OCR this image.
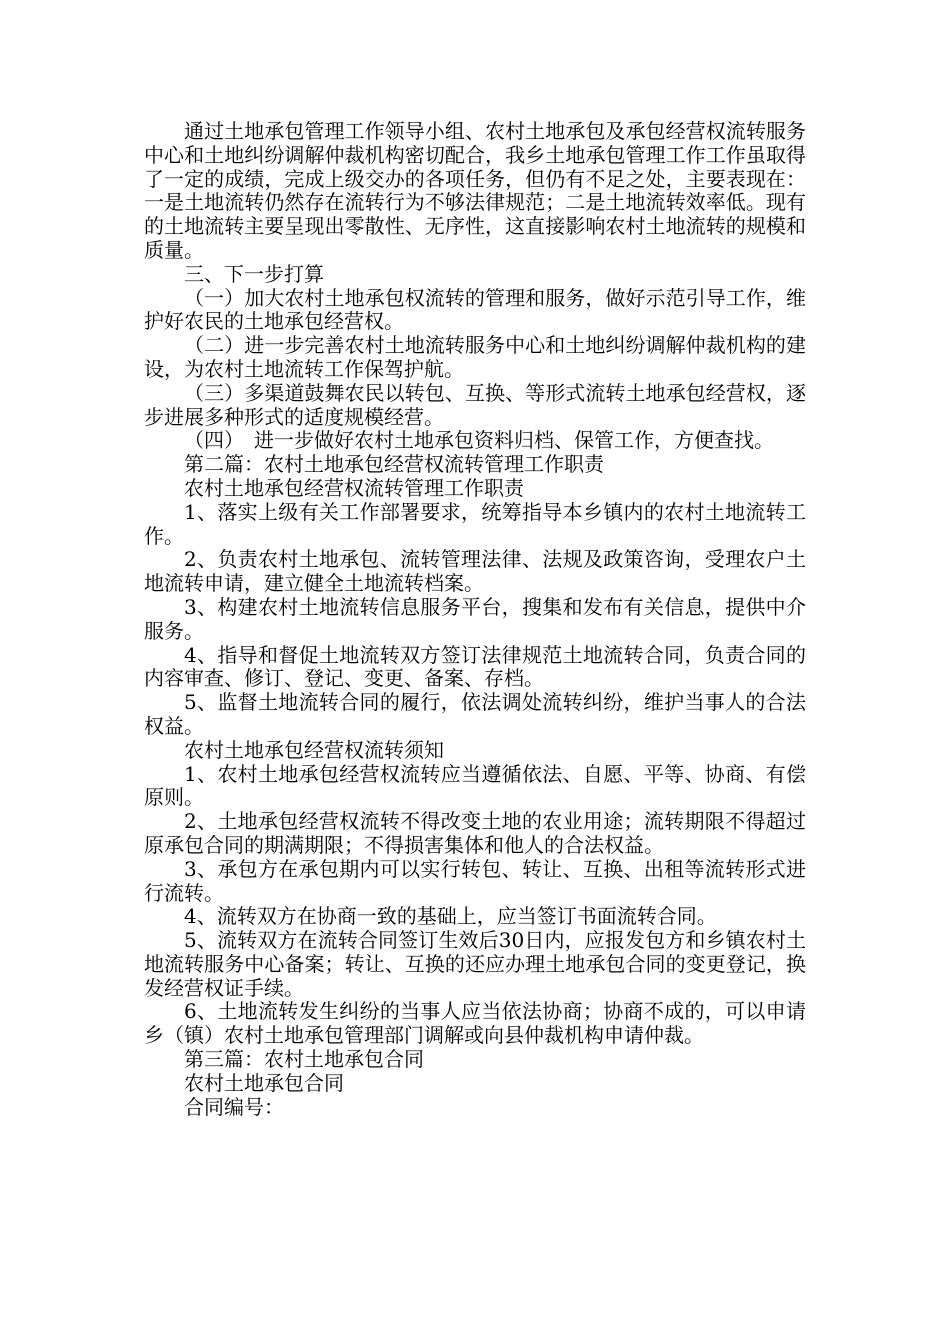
通过土地承包管理工作领导小组、农村土地承包及承包经营权流转服务中心和土地纠纷调解仲裁机构密切配合，我乡土地承包管理工作工作虽取得了一定的成绩，完成上级交办的各项任务，但仍有不足之处，主要表现在：一是土地流转仍然存在流转行为不够法律规范；二是土地流转效率低。现有的土地流转主要呈现出零散性、无序性，这直接影响农村土地流转的规模和质量。

三、下一步打算

（一）加大农村土地承包权流转的管理和服务，做好示范引导工作，维护好农民的土地承包经营权。

（二）进一步完善农村土地流转服务中心和土地纠纷调解仲裁机构的建设，为农村土地流转工作保驾护航。

（三）多渠道鼓舞农民以转包、互换、等形式流转土地承包经营权，逐步进展多种形式的适度规模经营。

（四）　进一步做好农村土地承包资料归档、保管工作，方便查找。

第二篇：农村土地承包经营权流转管理工作职责

农村土地承包经营权流转管理工作职责

1、落实上级有关工作部署要求，统筹指导本乡镇内的农村土地流转工作。

2、负责农村土地承包、流转管理法律、法规及政策咨询，受理农户土地流转申请，建立健全土地流转档案。

3、构建农村土地流转信息服务平台，搜集和发布有关信息，提供中介服务。

4、指导和督促土地流转双方签订法律规范土地流转合同，负责合同的内容审查、修订、登记、变更、备案、存档。

5、监督土地流转合同的履行，依法调处流转纠纷，维护当事人的合法权益。

农村土地承包经营权流转须知

1、农村土地承包经营权流转应当遵循依法、自愿、平等、协商、有偿原则。

2、土地承包经营权流转不得改变土地的农业用途；流转期限不得超过原承包合同的期满期限；不得损害集体和他人的合法权益。

3、承包方在承包期内可以实行转包、转让、互换、出租等流转形式进行流转。

4、流转双方在协商一致的基础上，应当签订书面流转合同。

5、流转双方在流转合同签订生效后30日内，应报发包方和乡镇农村土地流转服务中心备案；转让、互换的还应办理土地承包合同的变更登记，换发经营权证手续。

6、土地流转发生纠纷的当事人应当依法协商；协商不成的，可以申请乡（镇）农村土地承包管理部门调解或向县仲裁机构申请仲裁。

第三篇：农村土地承包合同

农村土地承包合同

合同编号：
